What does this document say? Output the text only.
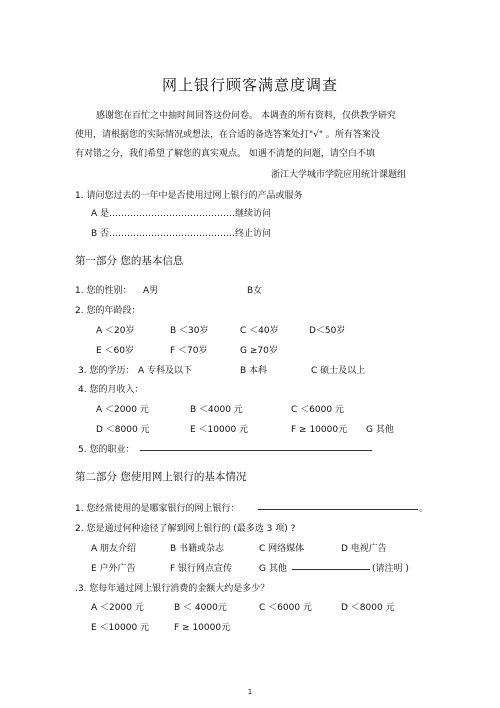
网上银行顾客满意度调查
感谢您在百忙之中抽时间回答这份问卷。 本调查的所有资料，仅供教学研究
使用，请根据您的实际情况或想法，在合适的备选答案处打"√" 。所有答案没
有对错之分，我们希望了解您的真实观点。 如遇不清楚的问题，请空白不填
浙江大学城市学院应用统计课题组
1. 请问您过去的一年中是否使用过网上银行的产品或服务
A 是……………………………………继续访问
B 否……………………………………终止访问
第一部分 您的基本信息
1. 您的性别： A男	B女
2. 您的年龄段：
A ＜20岁	B ＜30岁	C ＜40岁	D＜50岁
E ＜60岁	F ＜70岁	G ≥70岁
3. 您的学历： A 专科及以下	B 本科	C 硕士及以上
4. 您的月收入：
A ＜2000 元	B ＜4000 元	C ＜6000 元
D ＜8000 元	E ＜10000 元	F ≥ 10000元 G 其他
5. 您的职业：
第二部分 您使用网上银行的基本情况
1. 您经常使用的是哪家银行的网上银行：	。
2. 您是通过何种途径了解到网上银行的 (最多选 3 项) ?
A 朋友介绍	B 书籍或杂志	C 网络媒体	D 电视广告
E 户外广告	F 银行网点宣传	G 其他	(请注明 )
.3. 您每年通过网上银行消费的金额大约是多少？
A ＜2000 元	B ＜ 4000元	C ＜6000 元	D ＜8000 元
E ＜10000 元	F ≥ 10000元
1
